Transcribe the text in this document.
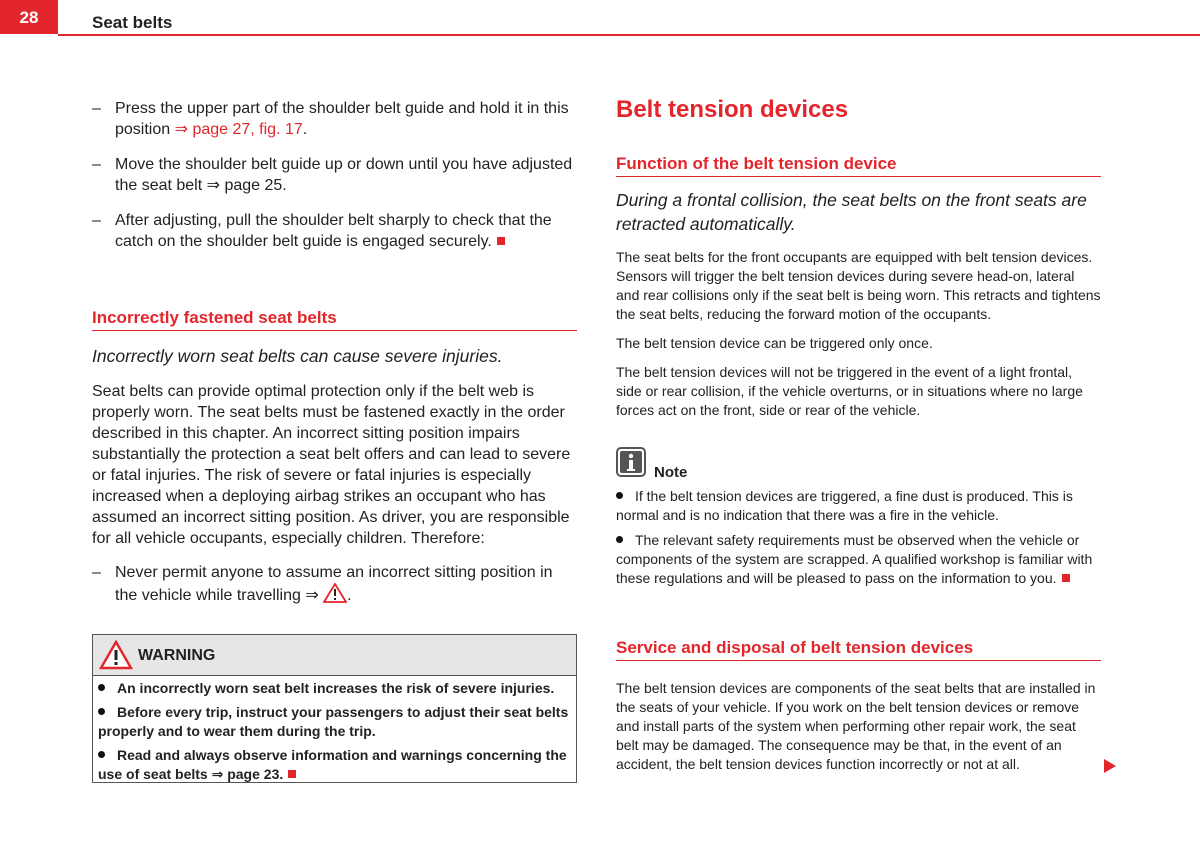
28	Seat belts
– Press the upper part of the shoulder belt guide and hold it in this position ⇒ page 27, fig. 17.
– Move the shoulder belt guide up or down until you have adjusted the seat belt ⇒ page 25.
– After adjusting, pull the shoulder belt sharply to check that the catch on the shoulder belt guide is engaged securely.
Incorrectly fastened seat belts
Incorrectly worn seat belts can cause severe injuries.
Seat belts can provide optimal protection only if the belt web is properly worn. The seat belts must be fastened exactly in the order described in this chapter. An incorrect sitting position impairs substantially the protection a seat belt offers and can lead to severe or fatal injuries. The risk of severe or fatal injuries is especially increased when a deploying airbag strikes an occupant who has assumed an incorrect sitting position. As driver, you are responsible for all vehicle occupants, especially children. Therefore:
– Never permit anyone to assume an incorrect sitting position in the vehicle while travelling ⇒ .
WARNING

An incorrectly worn seat belt increases the risk of severe injuries.

Before every trip, instruct your passengers to adjust their seat belts properly and to wear them during the trip.

Read and always observe information and warnings concerning the use of seat belts ⇒ page 23.

Belt tension devices
Function of the belt tension device
During a frontal collision, the seat belts on the front seats are retracted automatically.
The seat belts for the front occupants are equipped with belt tension devices. Sensors will trigger the belt tension devices during severe head-on, lateral and rear collisions only if the seat belt is being worn. This retracts and tightens the seat belts, reducing the forward motion of the occupants.
The belt tension device can be triggered only once.
The belt tension devices will not be triggered in the event of a light frontal, side or rear collision, if the vehicle overturns, or in situations where no large forces act on the front, side or rear of the vehicle.
Note
If the belt tension devices are triggered, a fine dust is produced. This is normal and is no indication that there was a fire in the vehicle.
The relevant safety requirements must be observed when the vehicle or components of the system are scrapped. A qualified workshop is familiar with these regulations and will be pleased to pass on the information to you.
Service and disposal of belt tension devices
The belt tension devices are components of the seat belts that are installed in the seats of your vehicle. If you work on the belt tension devices or remove and install parts of the system when performing other repair work, the seat belt may be damaged. The consequence may be that, in the event of an accident, the belt tension devices function incorrectly or not at all.
